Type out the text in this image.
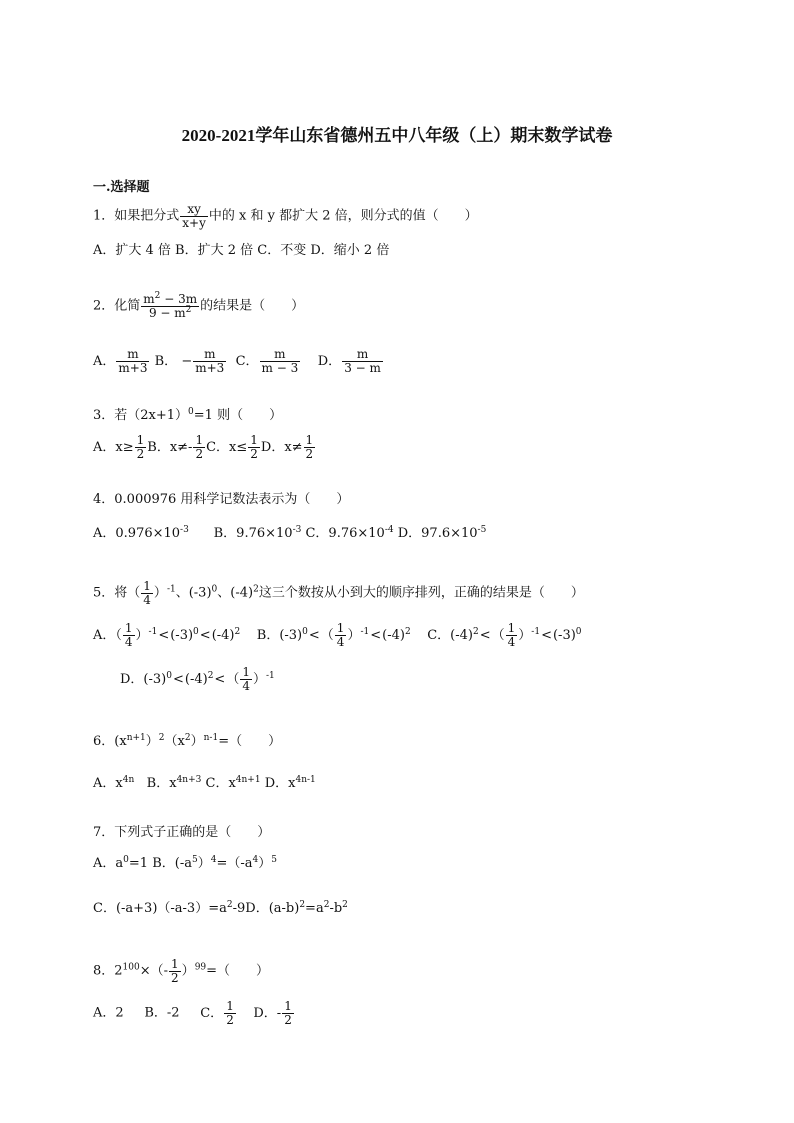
2020-2021学年山东省德州五中八年级（上）期末数学试卷
一.选择题
1．如果把分式 $\frac{xy}{x+y}$ 中的 x 和 y 都扩大 2 倍，则分式的值（　　）
A．扩大 4 倍 B．扩大 2 倍 C．不变 D．缩小 2 倍
2．化简 $\frac{m^2 - 3m}{9 - m^2}$ 的结果是（　　）
A． $\frac{m}{m+3}$ B． − $\frac{m}{m+3}$ C． $\frac{m}{m - 3}$ D． $\frac{m}{3 - m}$
3．若$(2x+1)^0=1$ 则（　　）
A．$x\ge \frac{1}{2}$ B．$x\ne- \frac{1}{2}$ C．$x\le \frac{1}{2}$ D．$x\ne \frac{1}{2}$
4．0.000976 用科学记数法表示为（　　）
A．$0.976\times 10^{-3}$ B．$9.76\times 10^{-3}$ C．$9.76\times 10^{-4}$ D．$97.6\times 10^{-5}$
5．将（ $\frac{1}{4} )^{-1}$、$(-3)^0$、$(-4)^2$这三个数按从小到大的顺序排列，正确的结果是（　　）
A．（ $\frac{1}{4} )^{-1}<(-3)^0<(-4)^2$ B．$(-3)^0<( \frac{1}{4} )^{-1}<(-4)^2$ C．$(-4)^2<( \frac{1}{4} )^{-1}<(-3)^0$
D．$(-3)^0<(-4)^2<( \frac{1}{4} )^{-1}$
6．$(x^{n+1})^2(x^2)^{n-1}=$（　　）
A．$x^{4n}$ B．$x^{4n+3}$ C．$x^{4n+1}$ D．$x^{4n-1}$
7．下列式子正确的是（　　）
A．$a^0=1$ B．$(-a^5)^4=(-a^4)^5$
C．$(-a+3)(-a-3)=a^2-9D$．$(a-b)^2=a^2-b^2$
8．$2^{100}\times(- \frac{1}{2} )^{99}=$（　　）
A．2 B．-2 C． $\frac{1}{2}$ D．- $\frac{1}{2}$
